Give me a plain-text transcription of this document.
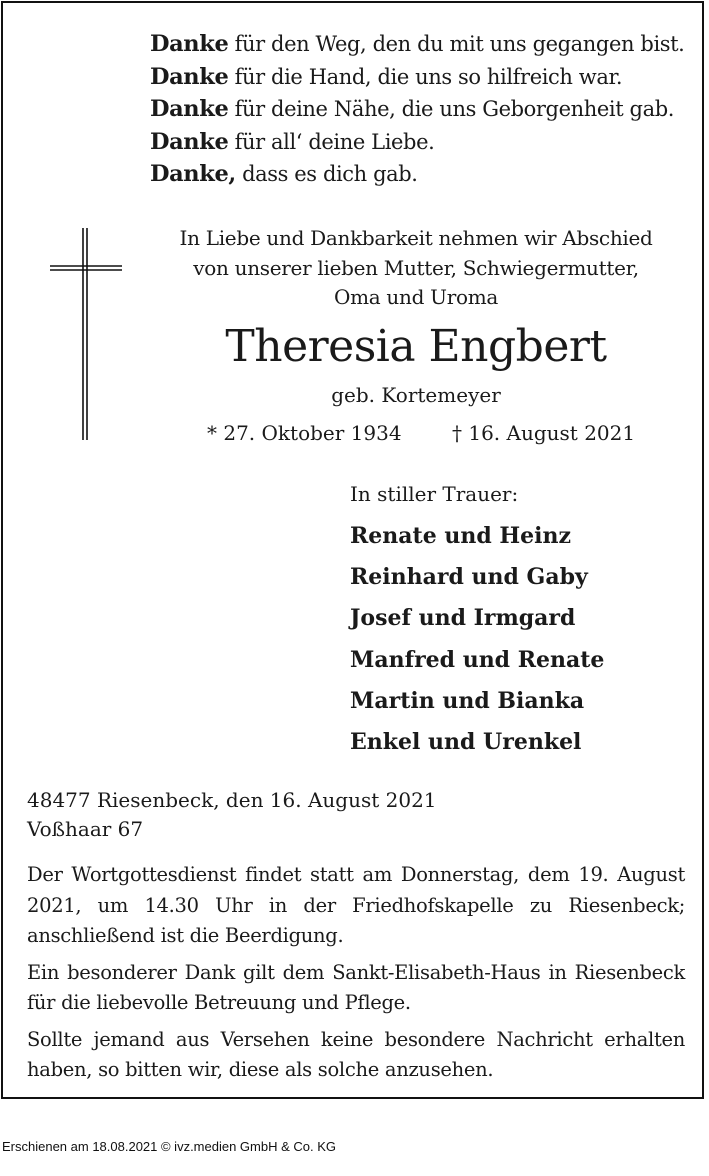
Danke für den Weg, den du mit uns gegangen bist.
Danke für die Hand, die uns so hilfreich war.
Danke für deine Nähe, die uns Geborgenheit gab.
Danke für all‘ deine Liebe.
Danke, dass es dich gab.
In Liebe und Dankbarkeit nehmen wir Abschied
von unserer lieben Mutter, Schwiegermutter,
Oma und Uroma
Theresia Engbert
geb. Kortemeyer
* 27. Oktober 1934	† 16. August 2021
In stiller Trauer:
Renate und Heinz
Reinhard und Gaby
Josef und Irmgard
Manfred und Renate
Martin und Bianka
Enkel und Urenkel
48477 Riesenbeck, den 16. August 2021
Voßhaar 67

Der Wortgottesdienst findet statt am Donnerstag, dem 19. August 2021, um 14.30 Uhr in der Friedhofskapelle zu Riesenbeck; anschließend ist die Beerdigung.

Ein besonderer Dank gilt dem Sankt-Elisabeth-Haus in Riesenbeck für die liebevolle Betreuung und Pflege.

Sollte jemand aus Versehen keine besondere Nachricht erhalten haben, so bitten wir, diese als solche anzusehen.

Erschienen am 18.08.2021 © ivz.medien GmbH & Co. KG
